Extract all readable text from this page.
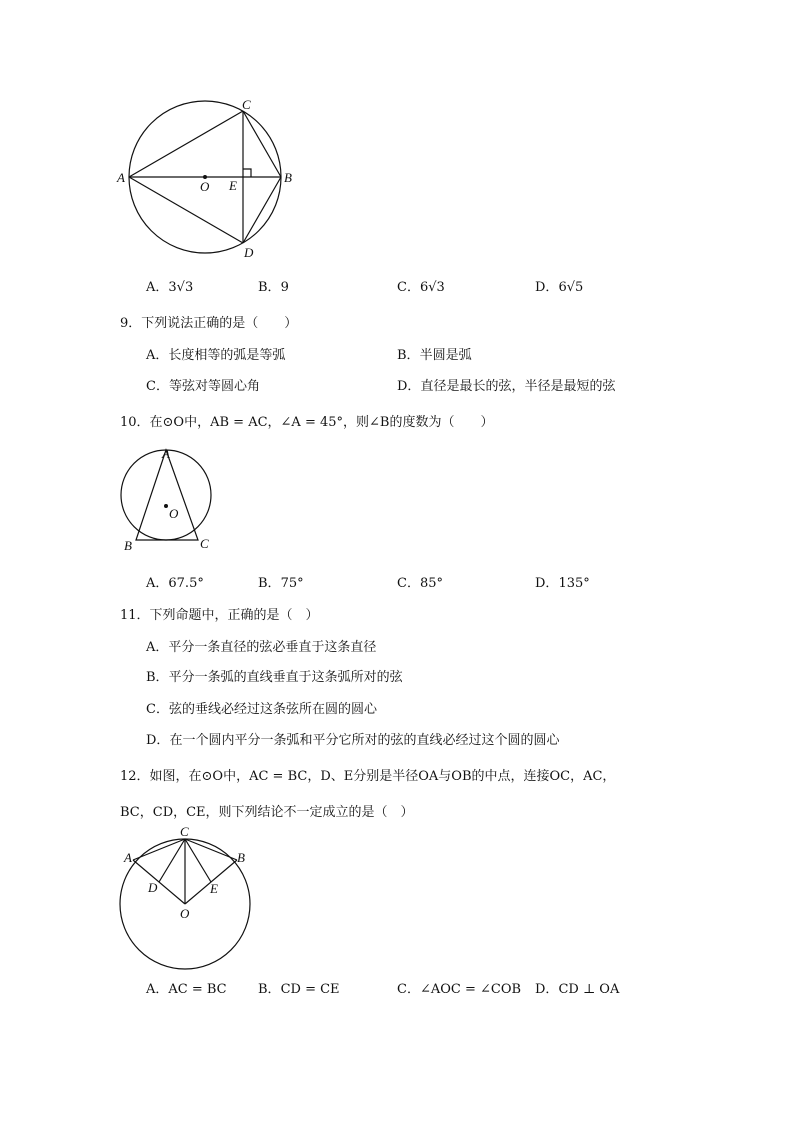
A	B
C
D
E
O
A．3√3	B．9	C．6√3	D．6√5
9．下列说法正确的是（　　）
A．长度相等的弧是等弧	B．半圆是弧
C．等弦对等圆心角	D．直径是最长的弦，半径是最短的弦
10．在⊙O中，AB = AC，∠A = 45°，则∠B的度数为（　　）
A
B	C
O
A．67.5°	B．75°	C．85°	D．135°
11．下列命题中，正确的是（　）
A．平分一条直径的弦必垂直于这条直径
B．平分一条弧的直线垂直于这条弧所对的弦
C．弦的垂线必经过这条弦所在圆的圆心
D．在一个圆内平分一条弧和平分它所对的弦的直线必经过这个圆的圆心
12．如图，在⊙O中，AC = BC，D、E分别是半径OA与OB的中点，连接OC，AC，
BC，CD，CE，则下列结论不一定成立的是（　）
A	B
C
D	E
O
A．AC = BC B．CD = CE	C．∠AOC = ∠COB D．CD ⊥ OA
